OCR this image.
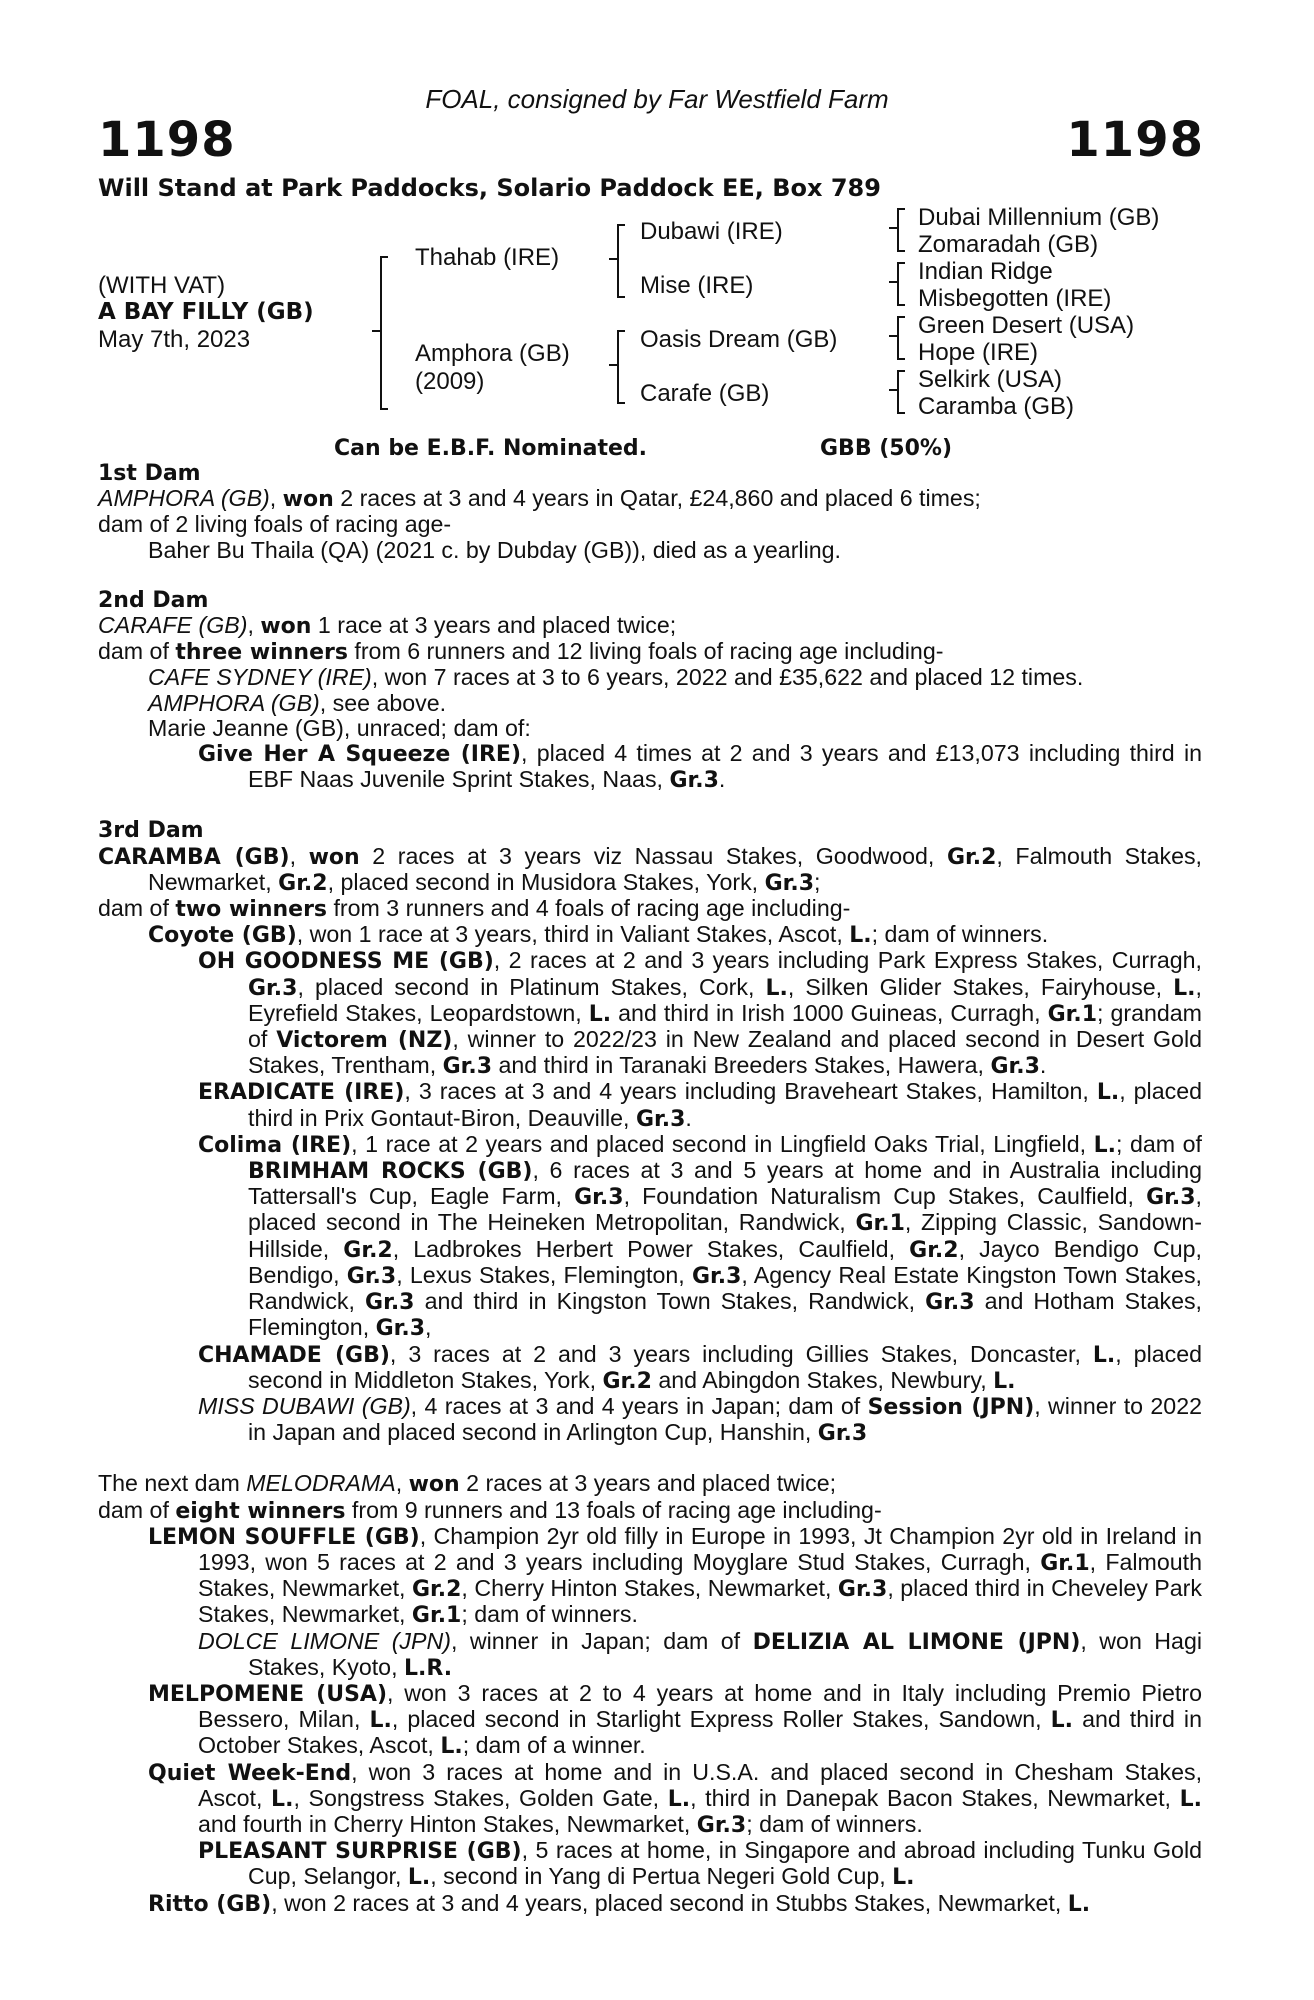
FOAL, consigned by Far Westfield Farm
1198	1198
Will Stand at Park Paddocks, Solario Paddock EE, Box 789
(WITH VAT)
A BAY FILLY (GB)
May 7th, 2023
Thahab (IRE)
Amphora (GB)
(2009)
Dubawi (IRE)
Mise (IRE)
Oasis Dream (GB)
Carafe (GB)
Dubai Millennium (GB)
Zomaradah (GB)
Indian Ridge
Misbegotten (IRE)
Green Desert (USA)
Hope (IRE)
Selkirk (USA)
Caramba (GB)
Can be E.B.F. Nominated.	GBB (50%)

1st Dam

AMPHORA (GB), won 2 races at 3 and 4 years in Qatar, £24,860 and placed 6 times;

dam of 2 living foals of racing age-

Baher Bu Thaila (QA) (2021 c. by Dubday (GB)), died as a yearling.

2nd Dam

CARAFE (GB), won 1 race at 3 years and placed twice;

dam of three winners from 6 runners and 12 living foals of racing age including-

CAFE SYDNEY (IRE), won 7 races at 3 to 6 years, 2022 and £35,622 and placed 12 times.

AMPHORA (GB), see above.

Marie Jeanne (GB), unraced; dam of:

Give Her A Squeeze (IRE), placed 4 times at 2 and 3 years and £13,073 including third in EBF Naas Juvenile Sprint Stakes, Naas, Gr.3.

3rd Dam

CARAMBA (GB), won 2 races at 3 years viz Nassau Stakes, Goodwood, Gr.2, Falmouth Stakes, Newmarket, Gr.2, placed second in Musidora Stakes, York, Gr.3;

dam of two winners from 3 runners and 4 foals of racing age including-

Coyote (GB), won 1 race at 3 years, third in Valiant Stakes, Ascot, L.; dam of winners.

OH GOODNESS ME (GB), 2 races at 2 and 3 years including Park Express Stakes, Curragh, Gr.3, placed second in Platinum Stakes, Cork, L., Silken Glider Stakes, Fairyhouse, L., Eyrefield Stakes, Leopardstown, L. and third in Irish 1000 Guineas, Curragh, Gr.1; grandam of Victorem (NZ), winner to 2022/23 in New Zealand and placed second in Desert Gold Stakes, Trentham, Gr.3 and third in Taranaki Breeders Stakes, Hawera, Gr.3.

ERADICATE (IRE), 3 races at 3 and 4 years including Braveheart Stakes, Hamilton, L., placed third in Prix Gontaut-Biron, Deauville, Gr.3.

Colima (IRE), 1 race at 2 years and placed second in Lingfield Oaks Trial, Lingfield, L.; dam of BRIMHAM ROCKS (GB), 6 races at 3 and 5 years at home and in Australia including Tattersall's Cup, Eagle Farm, Gr.3, Foundation Naturalism Cup Stakes, Caulfield, Gr.3, placed second in The Heineken Metropolitan, Randwick, Gr.1, Zipping Classic, Sandown-Hillside, Gr.2, Ladbrokes Herbert Power Stakes, Caulfield, Gr.2, Jayco Bendigo Cup, Bendigo, Gr.3, Lexus Stakes, Flemington, Gr.3, Agency Real Estate Kingston Town Stakes, Randwick, Gr.3 and third in Kingston Town Stakes, Randwick, Gr.3 and Hotham Stakes, Flemington, Gr.3,

CHAMADE (GB), 3 races at 2 and 3 years including Gillies Stakes, Doncaster, L., placed second in Middleton Stakes, York, Gr.2 and Abingdon Stakes, Newbury, L.

MISS DUBAWI (GB), 4 races at 3 and 4 years in Japan; dam of Session (JPN), winner to 2022 in Japan and placed second in Arlington Cup, Hanshin, Gr.3

The next dam MELODRAMA, won 2 races at 3 years and placed twice;

dam of eight winners from 9 runners and 13 foals of racing age including-

LEMON SOUFFLE (GB), Champion 2yr old filly in Europe in 1993, Jt Champion 2yr old in Ireland in 1993, won 5 races at 2 and 3 years including Moyglare Stud Stakes, Curragh, Gr.1, Falmouth Stakes, Newmarket, Gr.2, Cherry Hinton Stakes, Newmarket, Gr.3, placed third in Cheveley Park Stakes, Newmarket, Gr.1; dam of winners.

DOLCE LIMONE (JPN), winner in Japan; dam of DELIZIA AL LIMONE (JPN), won Hagi Stakes, Kyoto, L.R.

MELPOMENE (USA), won 3 races at 2 to 4 years at home and in Italy including Premio Pietro Bessero, Milan, L., placed second in Starlight Express Roller Stakes, Sandown, L. and third in October Stakes, Ascot, L.; dam of a winner.

Quiet Week-End, won 3 races at home and in U.S.A. and placed second in Chesham Stakes, Ascot, L., Songstress Stakes, Golden Gate, L., third in Danepak Bacon Stakes, Newmarket, L. and fourth in Cherry Hinton Stakes, Newmarket, Gr.3; dam of winners.

PLEASANT SURPRISE (GB), 5 races at home, in Singapore and abroad including Tunku Gold Cup, Selangor, L., second in Yang di Pertua Negeri Gold Cup, L.

Ritto (GB), won 2 races at 3 and 4 years, placed second in Stubbs Stakes, Newmarket, L.
